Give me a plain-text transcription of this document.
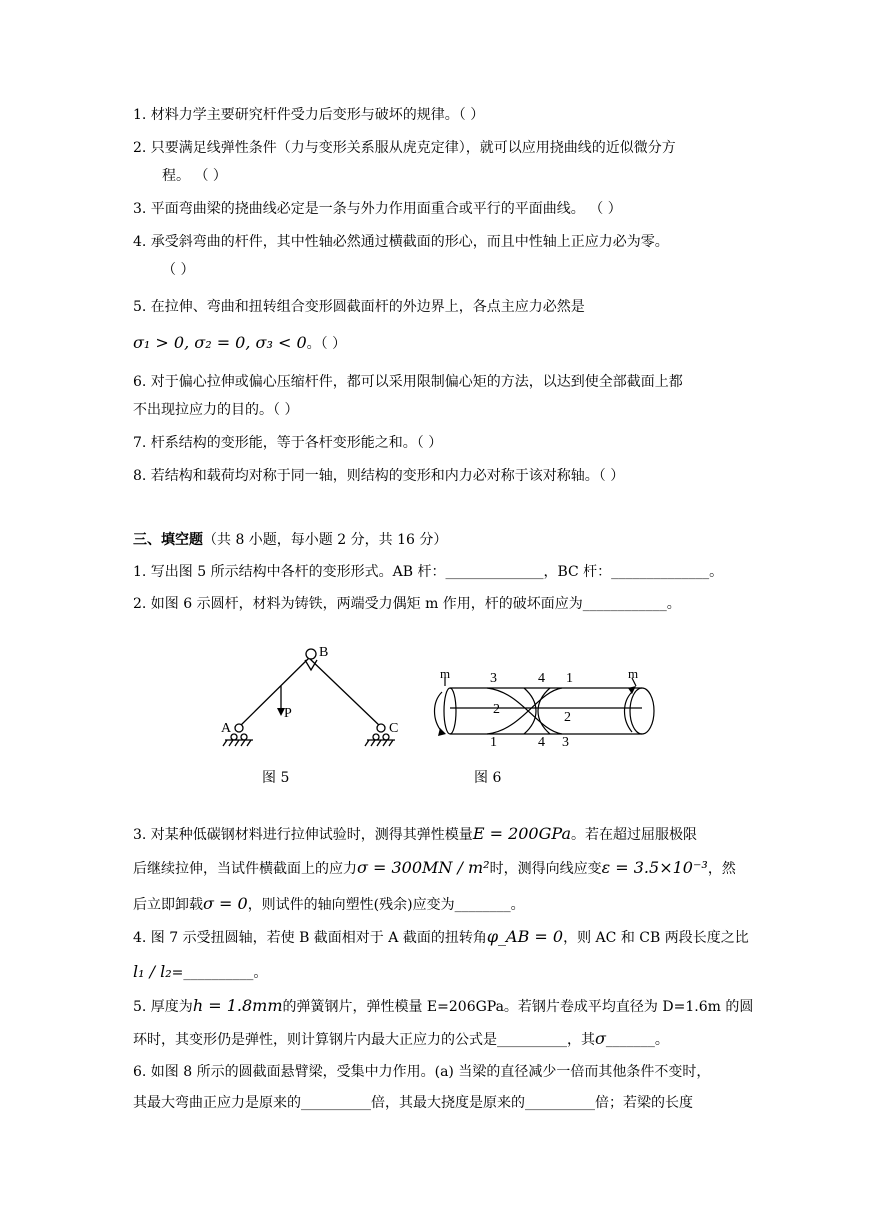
1. 材料力学主要研究杆件受力后变形与破坏的规律。（ ）
2. 只要满足线弹性条件（力与变形关系服从虎克定律），就可以应用挠曲线的近似微分方
程。 （ ）
3. 平面弯曲梁的挠曲线必定是一条与外力作用面重合或平行的平面曲线。 （ ）
4. 承受斜弯曲的杆件，其中性轴必然通过横截面的形心，而且中性轴上正应力必为零。
（ ）
5. 在拉伸、弯曲和扭转组合变形圆截面杆的外边界上，各点主应力必然是
σ₁ > 0, σ₂ = 0, σ₃ < 0。（ ）
6. 对于偏心拉伸或偏心压缩杆件，都可以采用限制偏心矩的方法，以达到使全部截面上都
不出现拉应力的目的。（ ）
7. 杆系结构的变形能，等于各杆变形能之和。（ ）
8. 若结构和载荷均对称于同一轴，则结构的变形和内力必对称于该对称轴。（ ）
三、填空题（共 8 小题，每小题 2 分，共 16 分）
1. 写出图 5 所示结构中各杆的变形形式。AB 杆：______________，BC 杆：______________。
2. 如图 6 示圆杆，材料为铸铁，两端受力偶矩 m 作用，杆的破坏面应为____________。
B
A	C
P
图 5
m	m
3	4 1
1	4 3
2
2
图 6
3. 对某种低碳钢材料进行拉伸试验时，测得其弹性模量E = 200GPa。若在超过屈服极限
后继续拉伸，当试件横截面上的应力σ = 300MN / m²时，测得向线应变ε = 3.5×10⁻³，然
后立即卸载σ = 0，则试件的轴向塑性(残余)应变为________。
4. 图 7 示受扭圆轴，若使 B 截面相对于 A 截面的扭转角φ_AB = 0，则 AC 和 CB 两段长度之比
l₁ / l₂=__________。
5. 厚度为h = 1.8mm的弹簧钢片，弹性模量 E=206GPa。若钢片卷成平均直径为 D=1.6m 的圆
环时，其变形仍是弹性，则计算钢片内最大正应力的公式是__________，其σ_______。
6. 如图 8 所示的圆截面悬臂梁，受集中力作用。(a) 当梁的直径减少一倍而其他条件不变时，
其最大弯曲正应力是原来的__________倍，其最大挠度是原来的__________倍；若梁的长度
